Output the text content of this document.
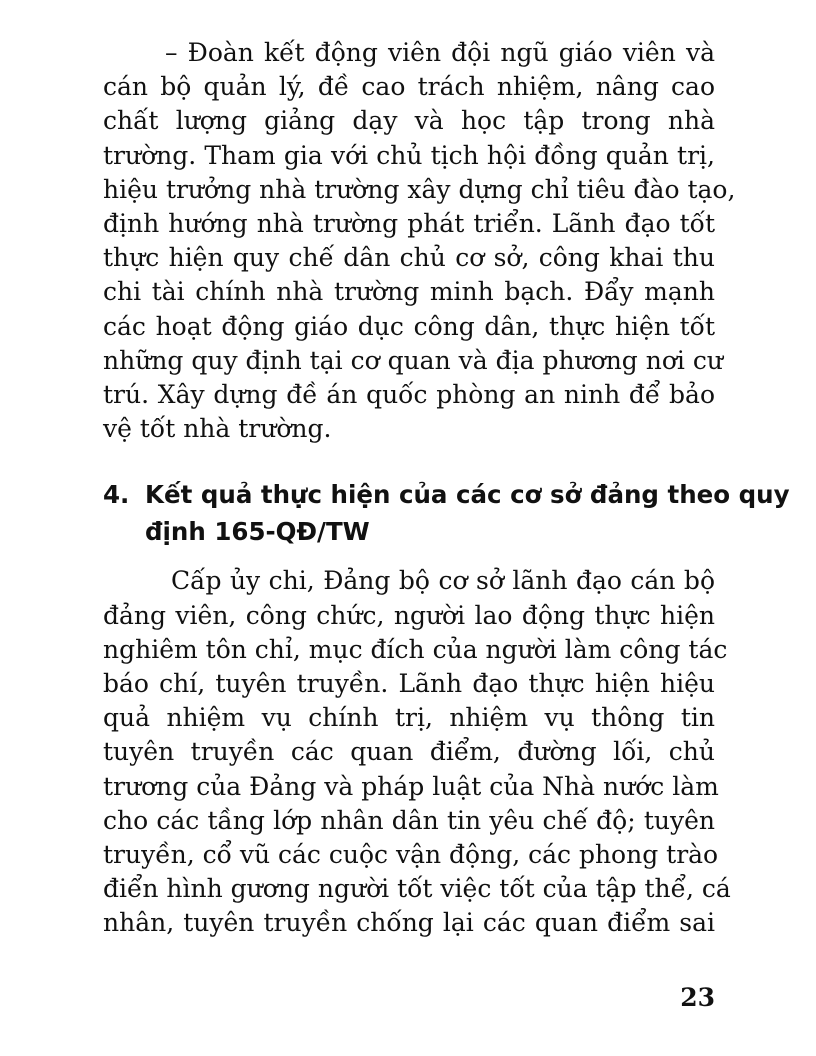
– Đoàn kết động viên đội ngũ giáo viên và
cán bộ quản lý, đề cao trách nhiệm, nâng cao
chất lượng giảng dạy và học tập trong nhà
trường. Tham gia với chủ tịch hội đồng quản trị,
hiệu trưởng nhà trường xây dựng chỉ tiêu đào tạo,
định hướng nhà trường phát triển. Lãnh đạo tốt
thực hiện quy chế dân chủ cơ sở, công khai thu
chi tài chính nhà trường minh bạch. Đẩy mạnh
các hoạt động giáo dục công dân, thực hiện tốt
những quy định tại cơ quan và địa phương nơi cư
trú. Xây dựng đề án quốc phòng an ninh để bảo
vệ tốt nhà trường.

4. Kết quả thực hiện của các cơ sở đảng theo quy
định 165-QĐ/TW

Cấp ủy chi, Đảng bộ cơ sở lãnh đạo cán bộ
đảng viên, công chức, người lao động thực hiện
nghiêm tôn chỉ, mục đích của người làm công tác
báo chí, tuyên truyền. Lãnh đạo thực hiện hiệu
quả nhiệm vụ chính trị, nhiệm vụ thông tin
tuyên truyền các quan điểm, đường lối, chủ
trương của Đảng và pháp luật của Nhà nước làm
cho các tầng lớp nhân dân tin yêu chế độ; tuyên
truyền, cổ vũ các cuộc vận động, các phong trào
điển hình gương người tốt việc tốt của tập thể, cá
nhân, tuyên truyền chống lại các quan điểm sai

23
